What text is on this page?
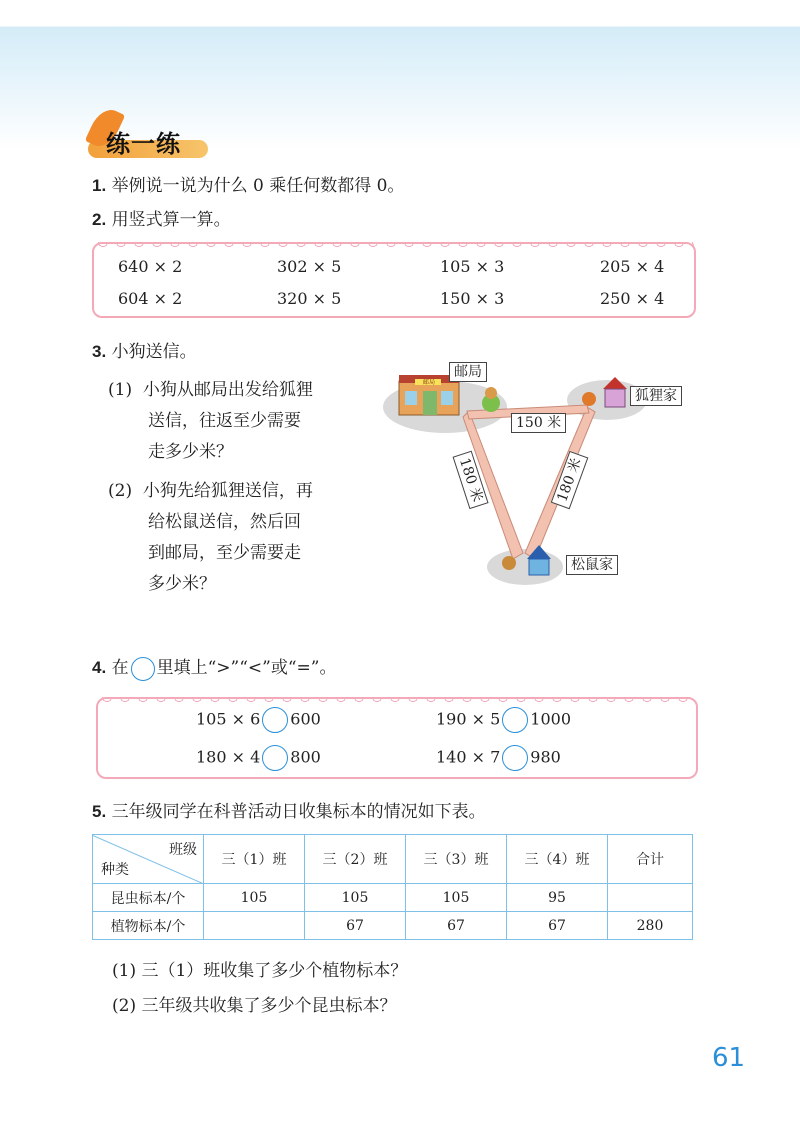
练一练
1. 举例说一说为什么 0 乘任何数都得 0。
2. 用竖式算一算。
640 × 2	302 × 5	105 × 3	205 × 4
604 × 2	320 × 5	150 × 3	250 × 4
3. 小狗送信。
(1) 小狗从邮局出发给狐狸
送信，往返至少需要
走多少米？
(2) 小狗先给狐狸送信，再
给松鼠送信，然后回
到邮局，至少需要走
多少米？
邮局
邮局
狐狸家
松鼠家
150 米
180 米	180 米
4. 在 里填上“>”“<”或“=”。
105 × 6 600	190 × 5 1000
180 × 4 800	140 × 7 980
5. 三年级同学在科普活动日收集标本的情况如下表。
班级
种类	三（1）班	三（2）班	三（3）班	三（4）班	合计
昆虫标本/个	105	105	105	95	
植物标本/个		67	67	67	280
(1) 三（1）班收集了多少个植物标本？
(2) 三年级共收集了多少个昆虫标本？
61
